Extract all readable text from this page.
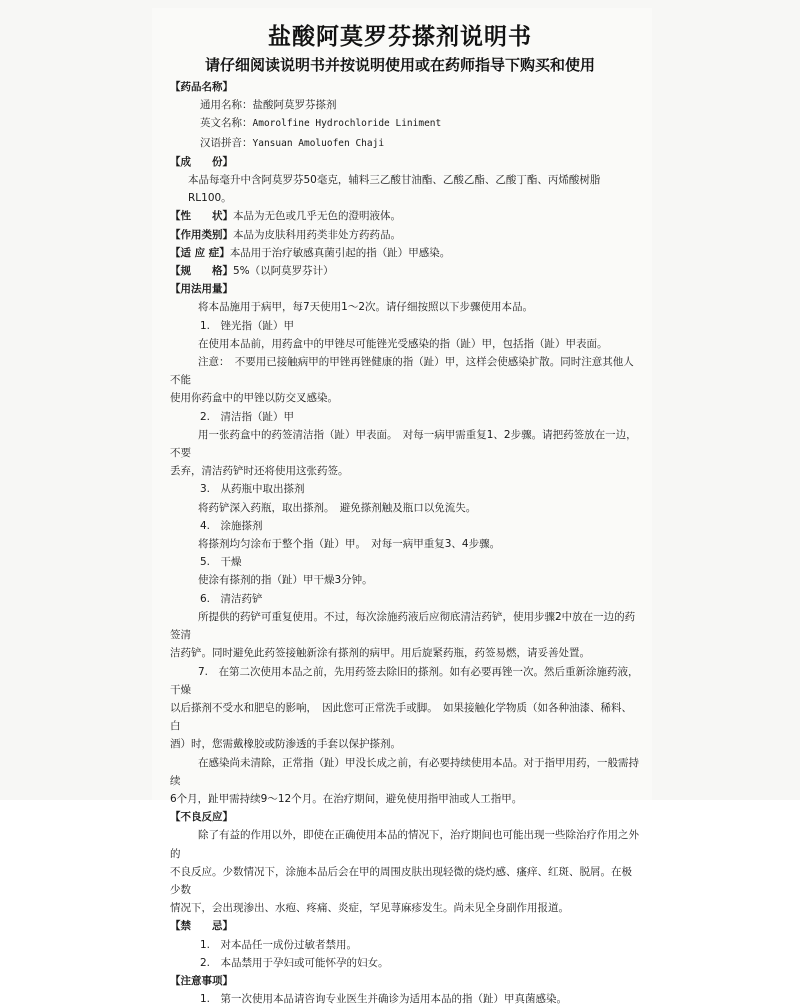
盐酸阿莫罗芬搽剂说明书
请仔细阅读说明书并按说明使用或在药师指导下购买和使用

【药品名称】

通用名称：盐酸阿莫罗芬搽剂

英文名称：Amorolfine Hydrochloride Liniment

汉语拼音：Yansuan Amoluofen Chaji

【成　　份】

本品每毫升中含阿莫罗芬50毫克，辅料三乙酸甘油酯、乙酸乙酯、乙酸丁酯、丙烯酸树脂RL100。

【性　　状】本品为无色或几乎无色的澄明液体。

【作用类别】本品为皮肤科用药类非处方药药品。

【适 应 症】本品用于治疗敏感真菌引起的指（趾）甲感染。

【规　　格】5%（以阿莫罗芬计）

【用法用量】

将本品施用于病甲，每7天使用1～2次。请仔细按照以下步骤使用本品。

1.　锉光指（趾）甲

在使用本品前，用药盒中的甲锉尽可能锉光受感染的指（趾）甲，包括指（趾）甲表面。

注意：　不要用已接触病甲的甲锉再锉健康的指（趾）甲，这样会使感染扩散。同时注意其他人不能

使用你药盒中的甲锉以防交叉感染。

2.　清洁指（趾）甲

用一张药盒中的药签清洁指（趾）甲表面。　对每一病甲需重复1、2步骤。请把药签放在一边，不要

丢弃，清洁药铲时还将使用这张药签。

3.　从药瓶中取出搽剂

将药铲深入药瓶，取出搽剂。　避免搽剂触及瓶口以免流失。

4.　涂施搽剂

将搽剂均匀涂布于整个指（趾）甲。　对每一病甲重复3、4步骤。

5.　干燥

使涂有搽剂的指（趾）甲干燥3分钟。

6.　清洁药铲

所提供的药铲可重复使用。不过，每次涂施药液后应彻底清洁药铲，使用步骤2中放在一边的药签清

洁药铲。同时避免此药签接触新涂有搽剂的病甲。用后旋紧药瓶，药签易燃，请妥善处置。

7.　在第二次使用本品之前，先用药签去除旧的搽剂。如有必要再锉一次。然后重新涂施药液，干燥

以后搽剂不受水和肥皂的影响，　因此您可正常洗手或脚。　如果接触化学物质（如各种油漆、稀料、白

酒）时，您需戴橡胶或防渗透的手套以保护搽剂。

在感染尚未清除，正常指（趾）甲没长成之前，有必要持续使用本品。对于指甲用药，一般需持续

6个月，趾甲需持续9～12个月。在治疗期间，避免使用指甲油或人工指甲。

【不良反应】

除了有益的作用以外，即使在正确使用本品的情况下，治疗期间也可能出现一些除治疗作用之外的

不良反应。少数情况下，涂施本品后会在甲的周围皮肤出现轻微的烧灼感、瘙痒、红斑、脱屑。在极少数

情况下，会出现渗出、水疱、疼痛、炎症，罕见荨麻疹发生。尚未见全身副作用报道。

【禁　　忌】

1.　对本品任一成份过敏者禁用。

2.　本品禁用于孕妇或可能怀孕的妇女。

【注意事项】

1.　第一次使用本品请咨询专业医生并确诊为适用本品的指（趾）甲真菌感染。
